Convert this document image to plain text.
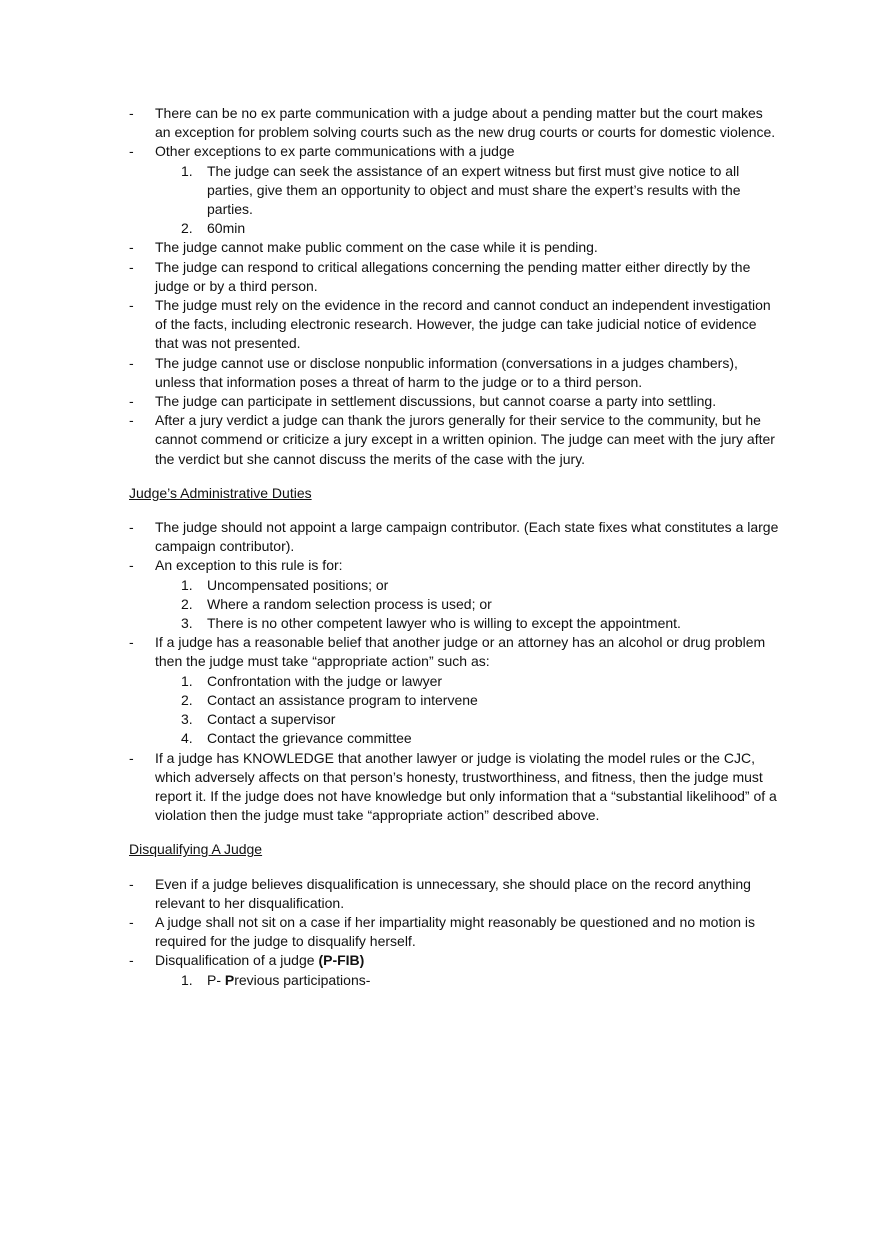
- There can be no ex parte communication with a judge about a pending matter but the court makes an exception for problem solving courts such as the new drug courts or courts for domestic violence.
- Other exceptions to ex parte communications with a judge
1. The judge can seek the assistance of an expert witness but first must give notice to all parties, give them an opportunity to object and must share the expert’s results with the parties.
2. 60min
- The judge cannot make public comment on the case while it is pending.
- The judge can respond to critical allegations concerning the pending matter either directly by the judge or by a third person.
- The judge must rely on the evidence in the record and cannot conduct an independent investigation of the facts, including electronic research. However, the judge can take judicial notice of evidence that was not presented.
- The judge cannot use or disclose nonpublic information (conversations in a judges chambers), unless that information poses a threat of harm to the judge or to a third person.
- The judge can participate in settlement discussions, but cannot coarse a party into settling.
- After a jury verdict a judge can thank the jurors generally for their service to the community, but he cannot commend or criticize a jury except in a written opinion. The judge can meet with the jury after the verdict but she cannot discuss the merits of the case with the jury.

Judge’s Administrative Duties

- The judge should not appoint a large campaign contributor. (Each state fixes what constitutes a large campaign contributor).
- An exception to this rule is for:
1. Uncompensated positions; or
2. Where a random selection process is used; or
3. There is no other competent lawyer who is willing to except the appointment.
- If a judge has a reasonable belief that another judge or an attorney has an alcohol or drug problem then the judge must take “appropriate action” such as:
1. Confrontation with the judge or lawyer
2. Contact an assistance program to intervene
3. Contact a supervisor
4. Contact the grievance committee
- If a judge has KNOWLEDGE that another lawyer or judge is violating the model rules or the CJC, which adversely affects on that person’s honesty, trustworthiness, and fitness, then the judge must report it. If the judge does not have knowledge but only information that a “substantial likelihood” of a violation then the judge must take “appropriate action” described above.

Disqualifying A Judge

- Even if a judge believes disqualification is unnecessary, she should place on the record anything relevant to her disqualification.
- A judge shall not sit on a case if her impartiality might reasonably be questioned and no motion is required for the judge to disqualify herself.
- Disqualification of a judge (P-FIB)
1. P- Previous participations-
